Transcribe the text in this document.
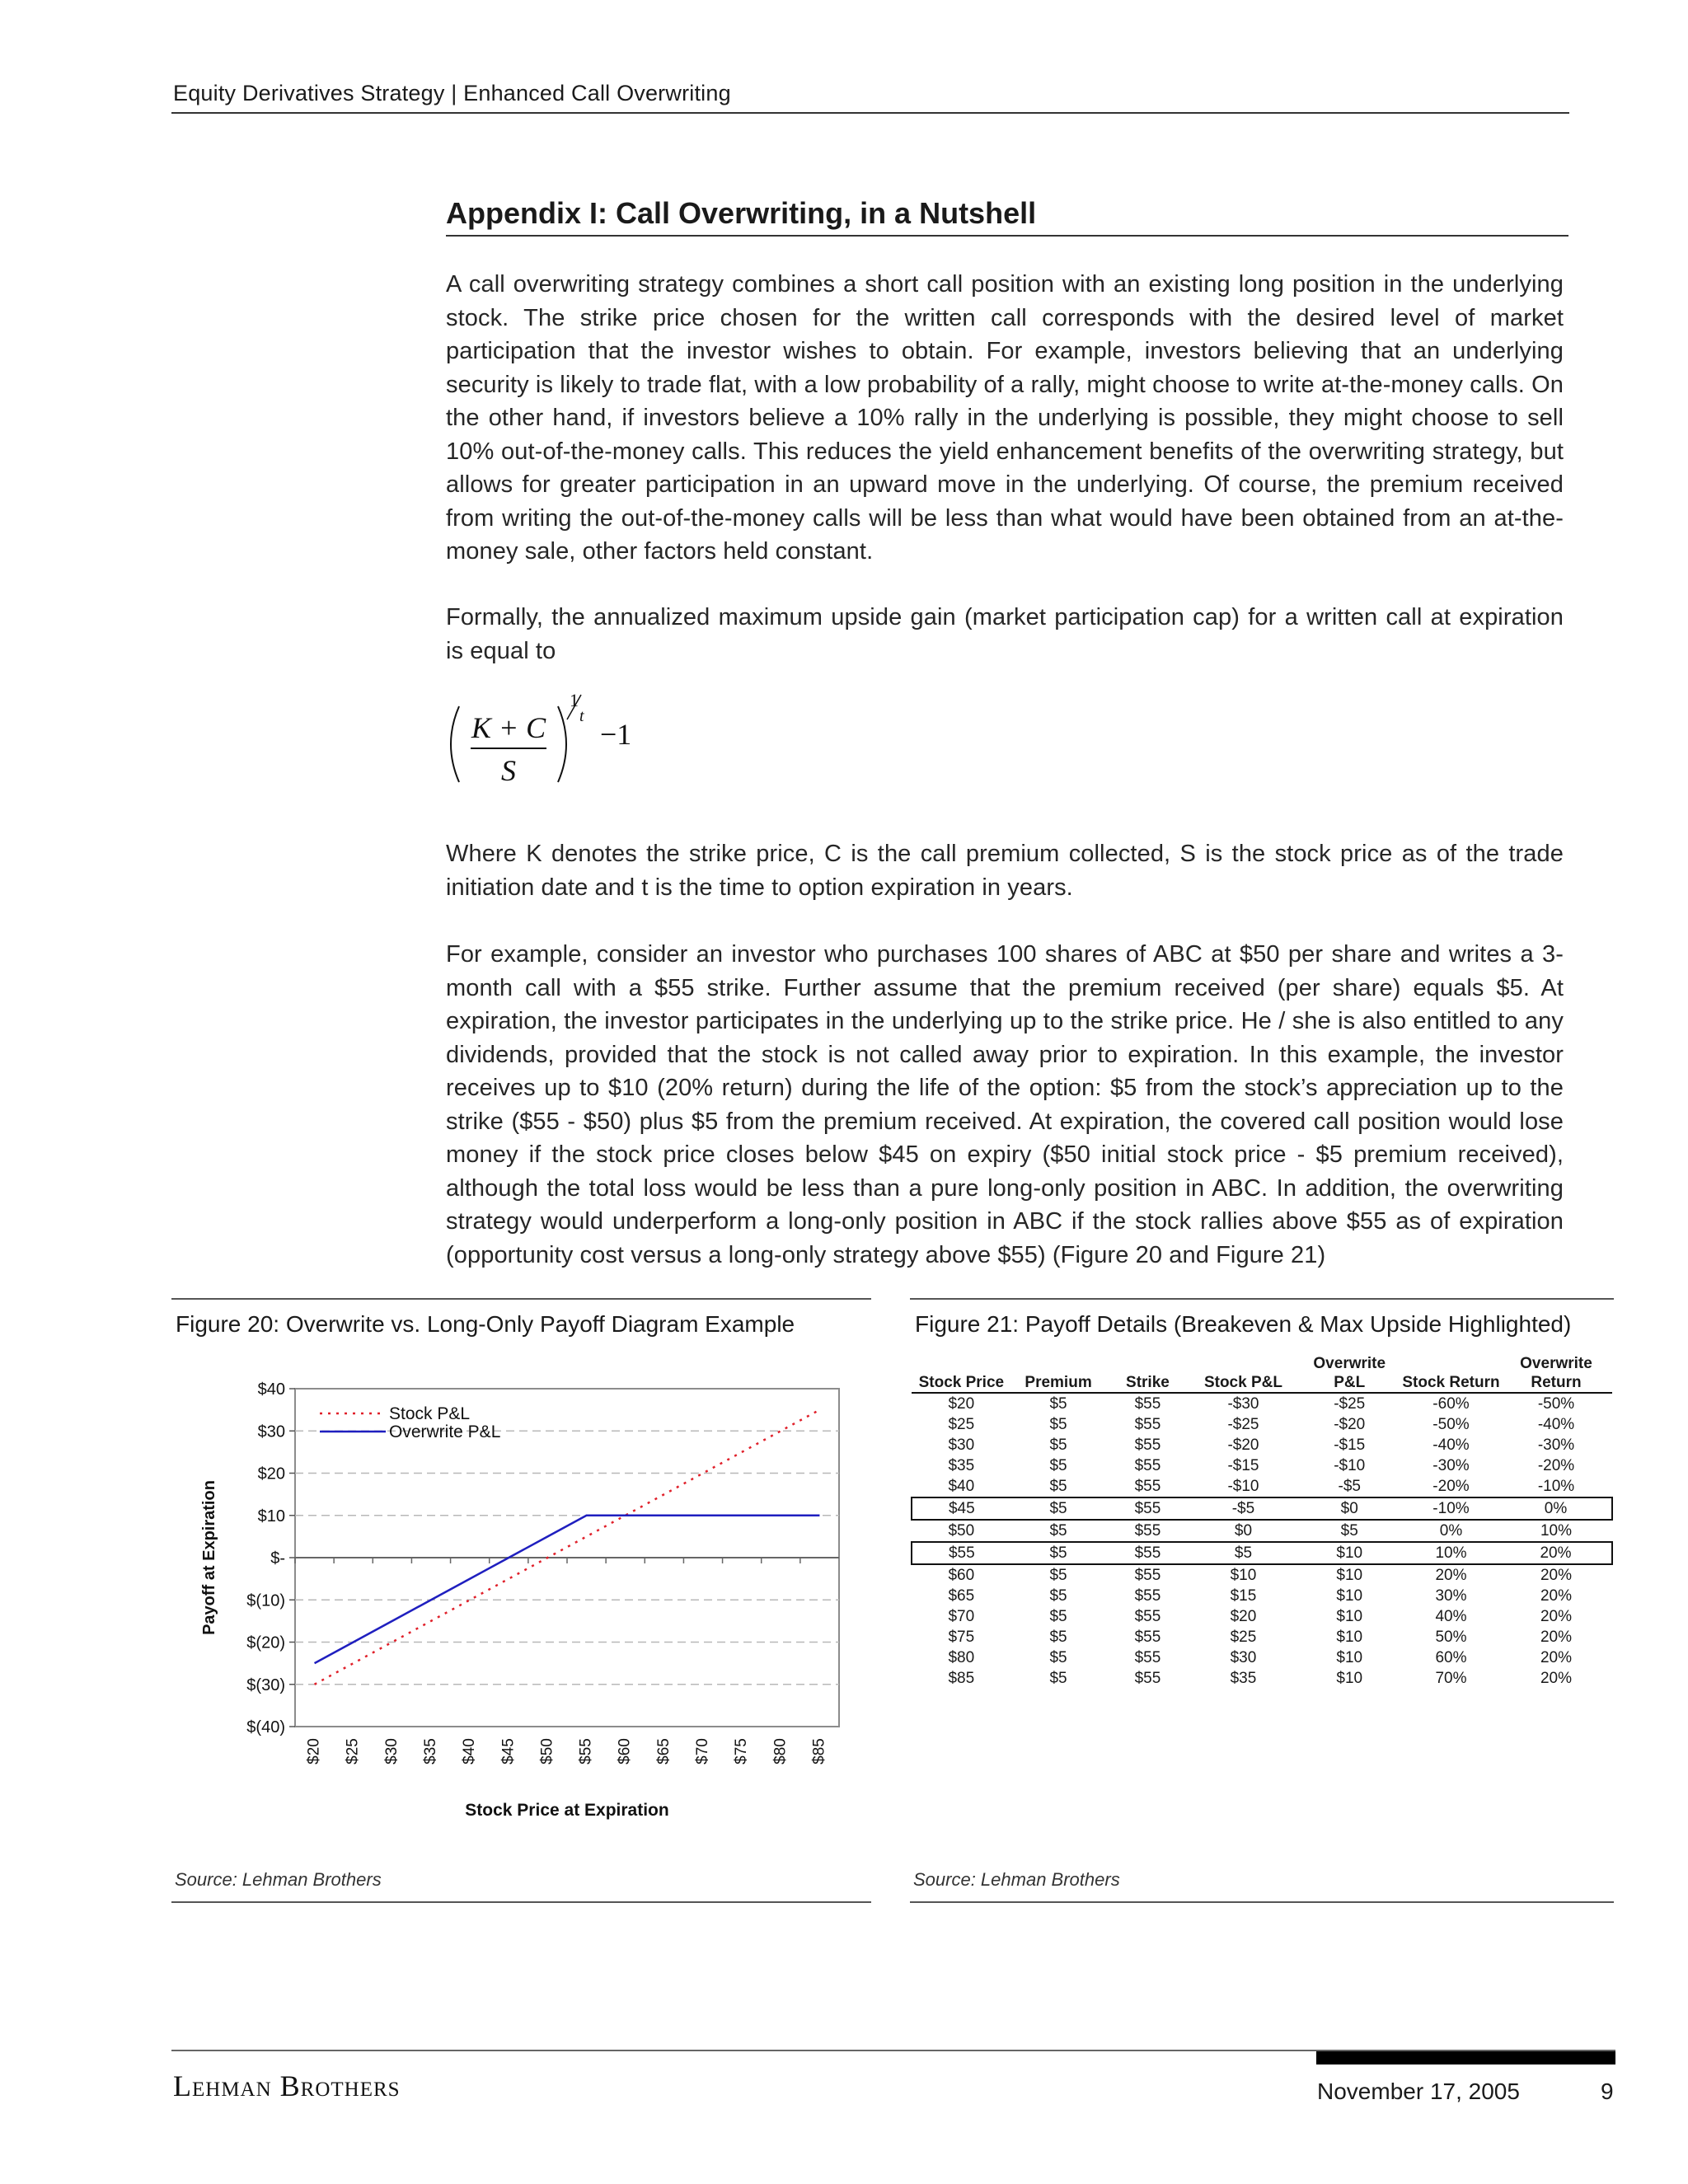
Equity Derivatives Strategy | Enhanced Call Overwriting
Appendix I: Call Overwriting, in a Nutshell
A call overwriting strategy combines a short call position with an existing long position in the underlying stock. The strike price chosen for the written call corresponds with the desired level of market participation that the investor wishes to obtain. For example, investors believing that an underlying security is likely to trade flat, with a low probability of a rally, might choose to write at-the-money calls. On the other hand, if investors believe a 10% rally in the underlying is possible, they might choose to sell 10% out-of-the-money calls. This reduces the yield enhancement benefits of the overwriting strategy, but allows for greater participation in an upward move in the underlying. Of course, the premium received from writing the out-of-the-money calls will be less than what would have been obtained from an at-the-money sale, other factors held constant.
Formally, the annualized maximum upside gain (market participation cap) for a written call at expiration is equal to
K + C
S
1
t
−1
Where K denotes the strike price, C is the call premium collected, S is the stock price as of the trade initiation date and t is the time to option expiration in years.
For example, consider an investor who purchases 100 shares of ABC at $50 per share and writes a 3-month call with a $55 strike. Further assume that the premium received (per share) equals $5. At expiration, the investor participates in the underlying up to the strike price. He / she is also entitled to any dividends, provided that the stock is not called away prior to expiration. In this example, the investor receives up to $10 (20% return) during the life of the option: $5 from the stock’s appreciation up to the strike ($55 - $50) plus $5 from the premium received. At expiration, the covered call position would lose money if the stock price closes below $45 on expiry ($50 initial stock price - $5 premium received), although the total loss would be less than a pure long-only position in ABC. In addition, the overwriting strategy would underperform a long-only position in ABC if the stock rallies above $55 as of expiration (opportunity cost versus a long-only strategy above $55) (Figure 20 and Figure 21)
Figure 20: Overwrite vs. Long-Only Payoff Diagram Example
$40
$30
$20
$10
$-
$(10)
$(20)
$(30)
$(40)
$20 $25 $30 $35 $40 $45 $50 $55 $60 $65 $70 $75 $80 $85
Stock P&L
Overwrite P&L
Payoff at Expiration
Stock Price at Expiration
Source: Lehman Brothers
Figure 21: Payoff Details (Breakeven & Max Upside Highlighted)
Stock Price	Premium	Strike	Stock P&L	Overwrite P&L	Stock Return	Overwrite Return
$20	$5	$55	-$30	-$25	-60%	-50%
$25	$5	$55	-$25	-$20	-50%	-40%
$30	$5	$55	-$20	-$15	-40%	-30%
$35	$5	$55	-$15	-$10	-30%	-20%
$40	$5	$55	-$10	-$5	-20%	-10%
$45	$5	$55	-$5	$0	-10%	0%
$50	$5	$55	$0	$5	0%	10%
$55	$5	$55	$5	$10	10%	20%
$60	$5	$55	$10	$10	20%	20%
$65	$5	$55	$15	$10	30%	20%
$70	$5	$55	$20	$10	40%	20%
$75	$5	$55	$25	$10	50%	20%
$80	$5	$55	$30	$10	60%	20%
$85	$5	$55	$35	$10	70%	20%
Source: Lehman Brothers
Lehman Brothers	November 17, 2005	9
